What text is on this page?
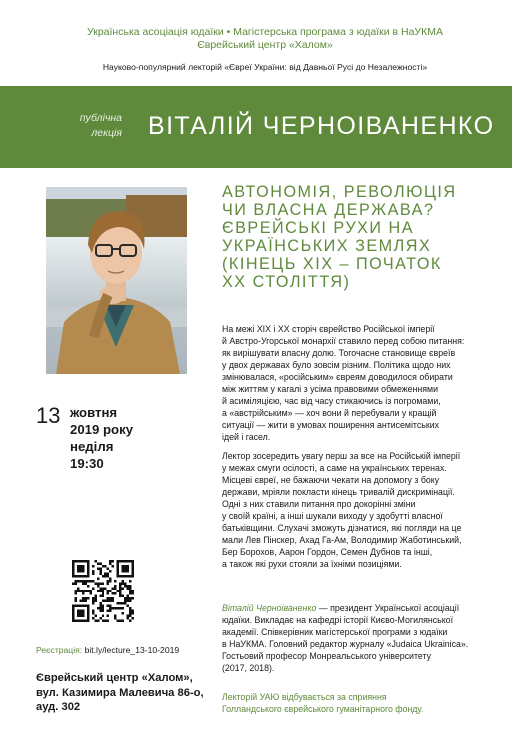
Українська асоціація юдаїки • Магістерська програма з юдаїки в НаУКМА
Єврейський центр «Халом»
Науково-популярний лекторій «Євреї України: від Давньої Русі до Незалежності»
публічна
лекція ВІТАЛІЙ ЧЕРНОІВАНЕНКО
АВТОНОМІЯ, РЕВОЛЮЦІЯ
ЧИ ВЛАСНА ДЕРЖАВА?
ЄВРЕЙСЬКІ РУХИ НА
УКРАЇНСЬКИХ ЗЕМЛЯХ
(КІНЕЦЬ XIX – ПОЧАТОК
XX СТОЛІТТЯ)
13 жовтня
2019 року
неділя
19:30
На межі XIX і XX сторіч єврейство Російської імперії
й Австро-Угорської монархії ставило перед собою питання:
як вирішувати власну долю. Тогочасне становище євреїв
у двох державах було зовсім різним. Політика щодо них
змінювалася, «російським» євреям доводилося обирати
між життям у кагалі з усіма правовими обмеженнями
й асиміляцією, час від часу стикаючись із погромами,
а «австрійським» — хоч вони й перебували у кращій
ситуації — жити в умовах поширення антисемітських
ідей і гасел.
Лектор зосередить увагу перш за все на Російській імперії
у межах смуги осілості, а саме на українських теренах.
Місцеві євреї, не бажаючи чекати на допомогу з боку
держави, мріяли покласти кінець тривалій дискримінації.
Одні з них ставили питання про докорінні зміни
у своїй країні, а інші шукали виходу у здобутті власної
батьківщини. Слухачі зможуть дізнатися, які погляди на це
мали Лев Пінскер, Ахад Га-Ам, Володимир Жаботинський,
Бер Борохов, Аарон Гордон, Семен Дубнов та інші,
а також які рухи стояли за їхніми позиціями.
Віталій Черноіваненко — президент Української асоціації
юдаїки. Викладає на кафедрі історії Києво-Могилянської
академії. Співкерівник магістерської програми з юдаїки
в НаУКМА. Головний редактор журналу «Judaica Ukrainica».
Гостьовий професор Монреальського університету
(2017, 2018).
Реєстрація: bit.ly/lecture_13-10-2019
Єврейський центр «Халом»,
вул. Казимира Малевича 86-о,
ауд. 302
Лекторій УАЮ відбувається за сприяння
Голландського єврейського гуманітарного фонду.
